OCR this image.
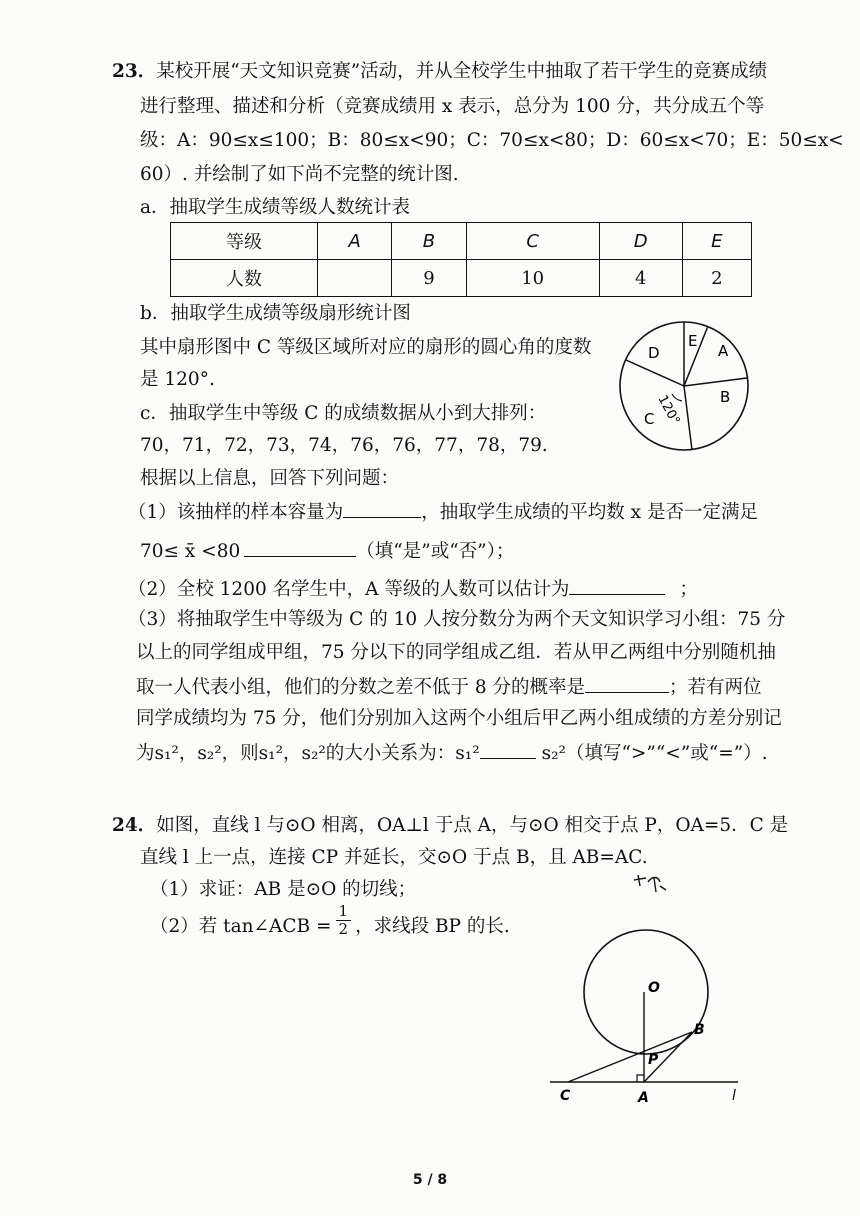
23．某校开展“天文知识竞赛”活动，并从全校学生中抽取了若干学生的竞赛成绩
进行整理、描述和分析（竞赛成绩用 x 表示，总分为 100 分，共分成五个等
级：A：90≤x≤100；B：80≤x<90；C：70≤x<80；D：60≤x<70；E：50≤x<
60）. 并绘制了如下尚不完整的统计图.
a．抽取学生成绩等级人数统计表
等级	A	B	C	D	E
人数		9	10	4	2
b．抽取学生成绩等级扇形统计图
其中扇形图中 C 等级区域所对应的扇形的圆心角的度数
是 120°.
E
A
D
B
C 120°
c．抽取学生中等级 C 的成绩数据从小到大排列：
70，71，72，73，74，76，76，77，78，79.
根据以上信息，回答下列问题：
（1）该抽样的样本容量为	，抽取学生成绩的平均数 x 是否一定满足
70≤ x̄ <80	（填“是”或“否”）；
（2）全校 1200 名学生中，A 等级的人数可以估计为	；
（3）将抽取学生中等级为 C 的 10 人按分数分为两个天文知识学习小组：75 分
以上的同学组成甲组，75 分以下的同学组成乙组．若从甲乙两组中分别随机抽
取一人代表小组，他们的分数之差不低于 8 分的概率是	；若有两位
同学成绩均为 75 分，他们分别加入这两个小组后甲乙两小组成绩的方差分别记
为s₁²，s₂²，则s₁²，s₂²的大小关系为：s₁²	s₂²（填写“>”“<”或“=”）.
24．如图，直线 l 与⊙O 相离，OA⊥l 于点 A，与⊙O 相交于点 P，OA=5．C 是
直线 l 上一点，连接 CP 并延长，交⊙O 于点 B，且 AB=AC.
（1）求证：AB 是⊙O 的切线；
（2）若 tan∠ACB = $\frac{1}{2}$ ，求线段 BP 的长.
O
B
P
C	A	l
5 / 8
